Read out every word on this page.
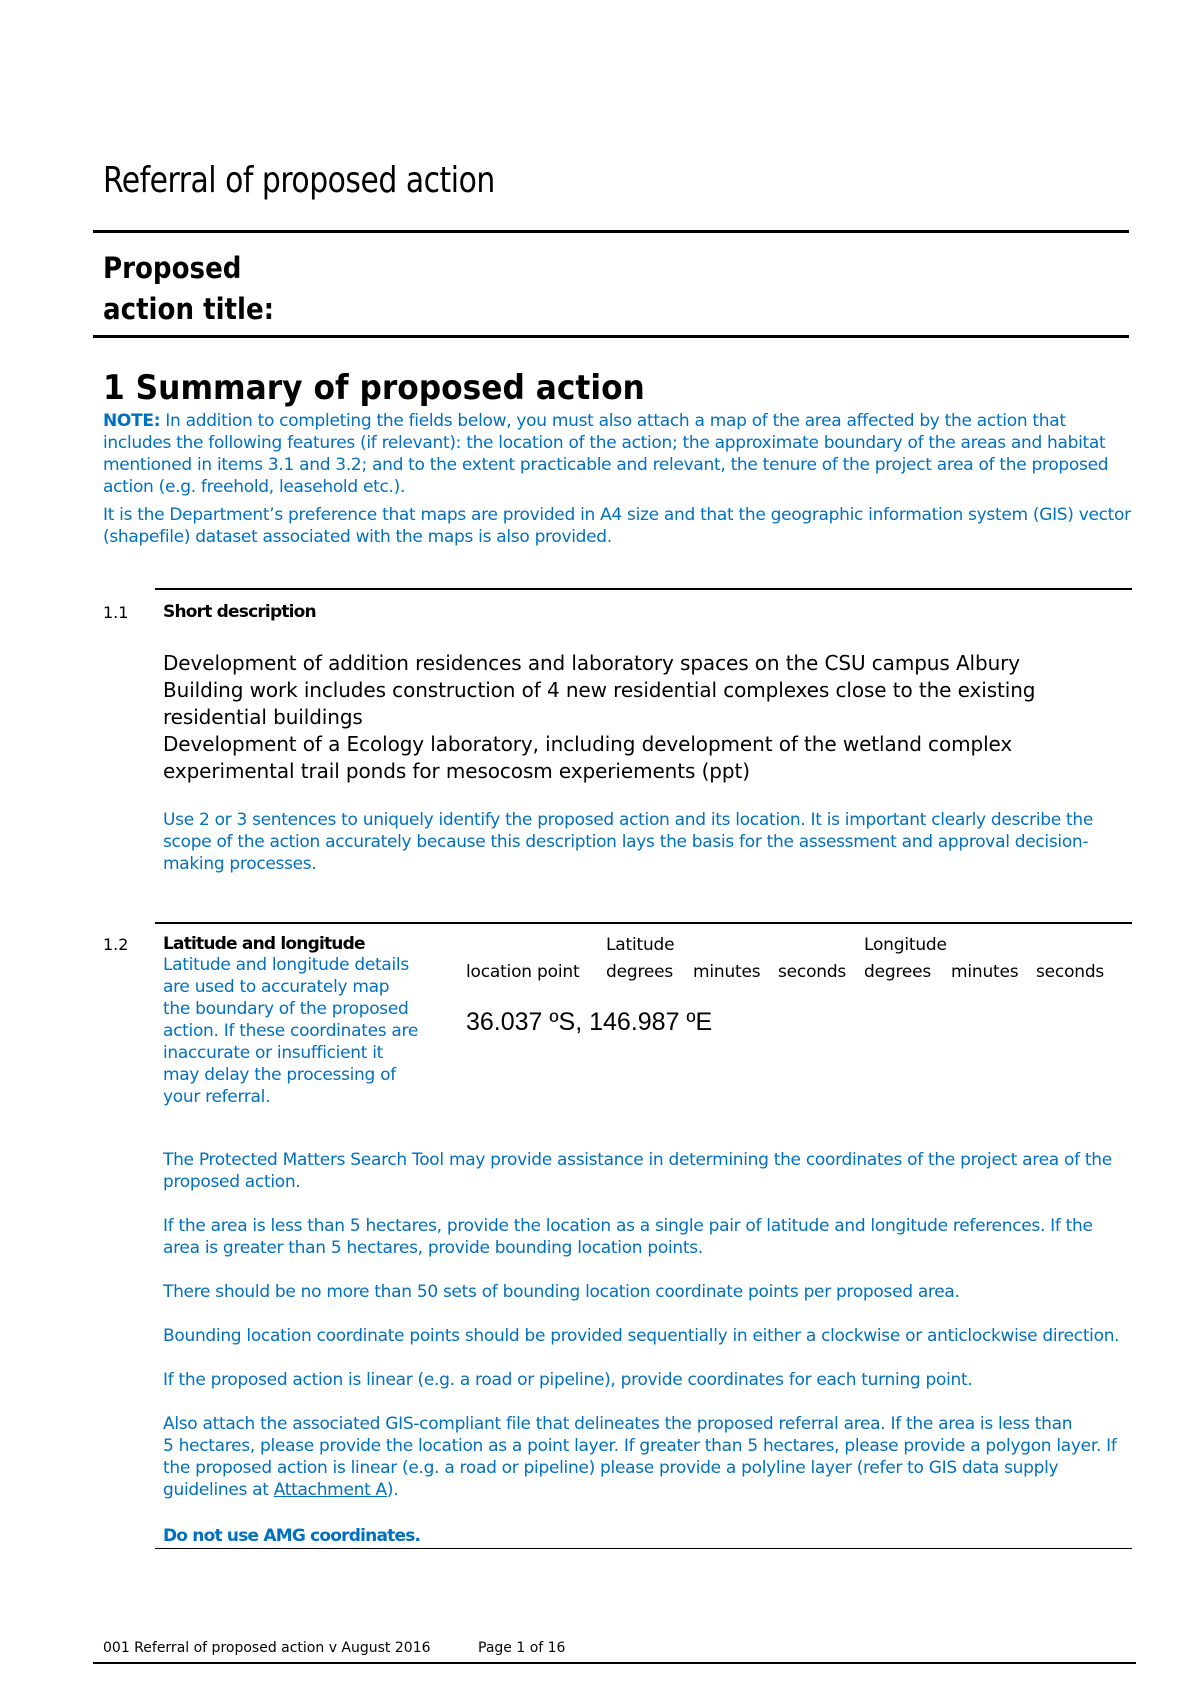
Referral of proposed action
Proposed action title:
1 Summary of proposed action
NOTE: In addition to completing the fields below, you must also attach a map of the area affected by the action that includes the following features (if relevant): the location of the action; the approximate boundary of the areas and habitat mentioned in items 3.1 and 3.2; and to the extent practicable and relevant, the tenure of the project area of the proposed action (e.g. freehold, leasehold etc.).
It is the Department’s preference that maps are provided in A4 size and that the geographic information system (GIS) vector (shapefile) dataset associated with the maps is also provided.
1.1 Short description
Development of addition residences and laboratory spaces on the CSU campus Albury
Building work includes construction of 4 new residential complexes close to the existing
residential buildings
Development of a Ecology laboratory, including development of the wetland complex
experimental trail ponds for mesocosm experiements (ppt)
Use 2 or 3 sentences to uniquely identify the proposed action and its location. It is important clearly describe the scope of the action accurately because this description lays the basis for the assessment and approval decision-making processes.
1.2 Latitude and longitude
Latitude and longitude details are used to accurately map the boundary of the proposed action. If these coordinates are inaccurate or insufficient it may delay the processing of your referral.
Latitude	Longitude
location point degrees minutes seconds degrees minutes seconds
36.037 ºS, 146.987 ºE
The Protected Matters Search Tool may provide assistance in determining the coordinates of the project area of the proposed action.
If the area is less than 5 hectares, provide the location as a single pair of latitude and longitude references. If the area is greater than 5 hectares, provide bounding location points.
There should be no more than 50 sets of bounding location coordinate points per proposed area.
Bounding location coordinate points should be provided sequentially in either a clockwise or anticlockwise direction.
If the proposed action is linear (e.g. a road or pipeline), provide coordinates for each turning point.
Also attach the associated GIS-compliant file that delineates the proposed referral area. If the area is less than
5 hectares, please provide the location as a point layer. If greater than 5 hectares, please provide a polygon layer. If
the proposed action is linear (e.g. a road or pipeline) please provide a polyline layer (refer to GIS data supply
guidelines at Attachment A).
Do not use AMG coordinates.
001 Referral of proposed action v August 2016	Page 1 of 16
